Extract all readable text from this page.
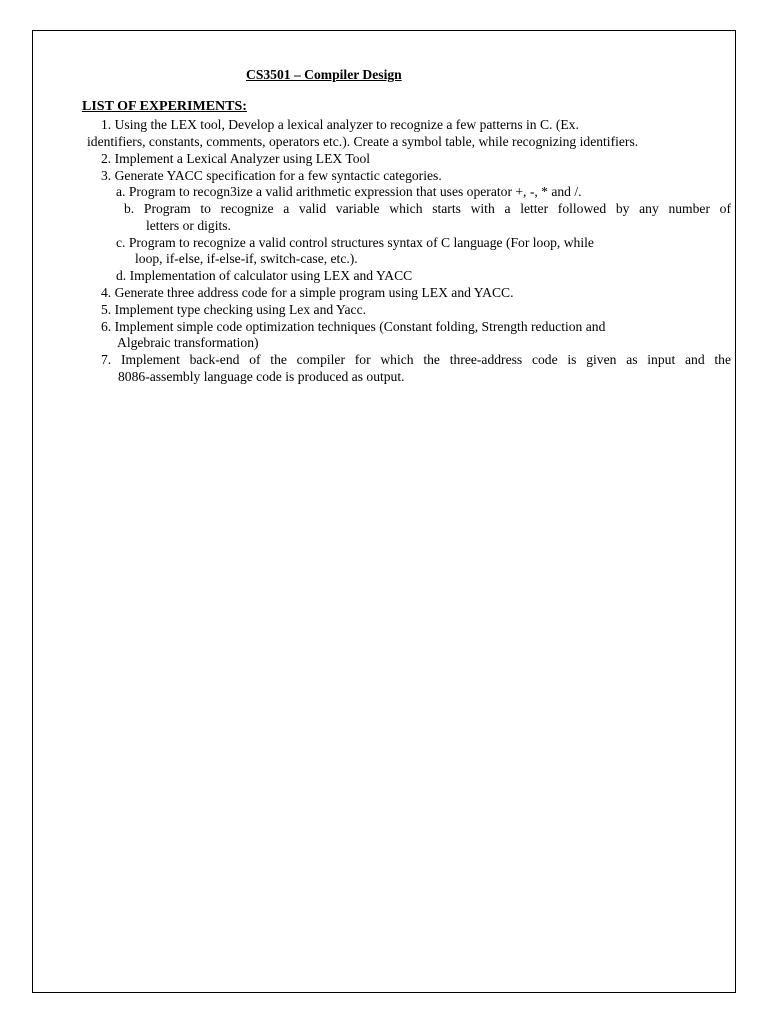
CS3501 – Compiler Design
LIST OF EXPERIMENTS:
1. Using the LEX tool, Develop a lexical analyzer to recognize a few patterns in C. (Ex.
identifiers, constants, comments, operators etc.). Create a symbol table, while recognizing identifiers.
2. Implement a Lexical Analyzer using LEX Tool
3. Generate YACC specification for a few syntactic categories.
a. Program to recogn3ize a valid arithmetic expression that uses operator +, -, * and /.
b. Program to recognize a valid variable which starts with a letter followed by any number of
letters or digits.
c. Program to recognize a valid control structures syntax of C language (For loop, while
loop, if-else, if-else-if, switch-case, etc.).
d. Implementation of calculator using LEX and YACC
4. Generate three address code for a simple program using LEX and YACC.
5. Implement type checking using Lex and Yacc.
6. Implement simple code optimization techniques (Constant folding, Strength reduction and
Algebraic transformation)
7. Implement back-end of the compiler for which the three-address code is given as input and the
8086-assembly language code is produced as output.
